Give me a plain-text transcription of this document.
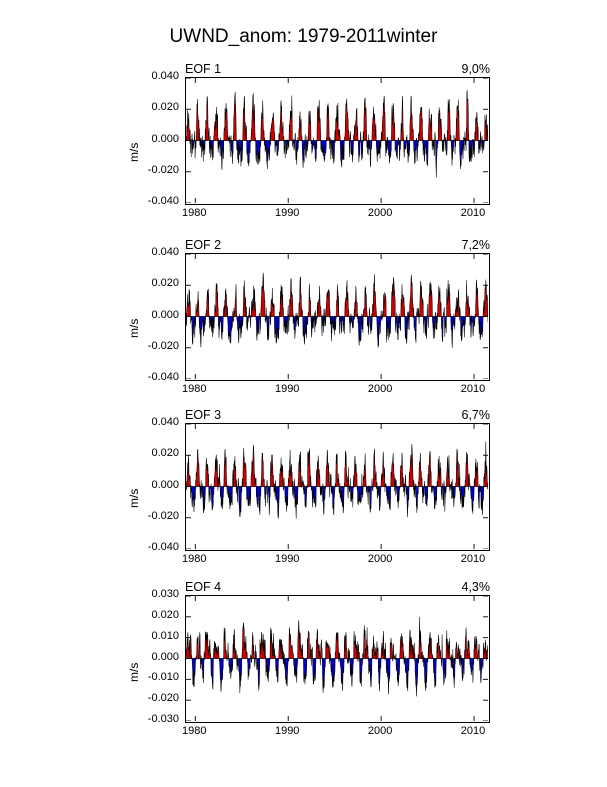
UWND_anom: 1979-2011winter
EOF 1	9,0%
m/s
EOF 2	7,2%
m/s
EOF 3	6,7%
m/s
EOF 4	4,3%
m/s
-0.040
-0.020
0.000
0.020
0.040
1980	1990	2000	2010
-0.040
-0.020
0.000
0.020
0.040
1980	1990	2000	2010
-0.040
-0.020
0.000
0.020
0.040
1980	1990	2000	2010
-0.030
-0.020
-0.010
0.000
0.010
0.020
0.030
1980	1990	2000	2010
